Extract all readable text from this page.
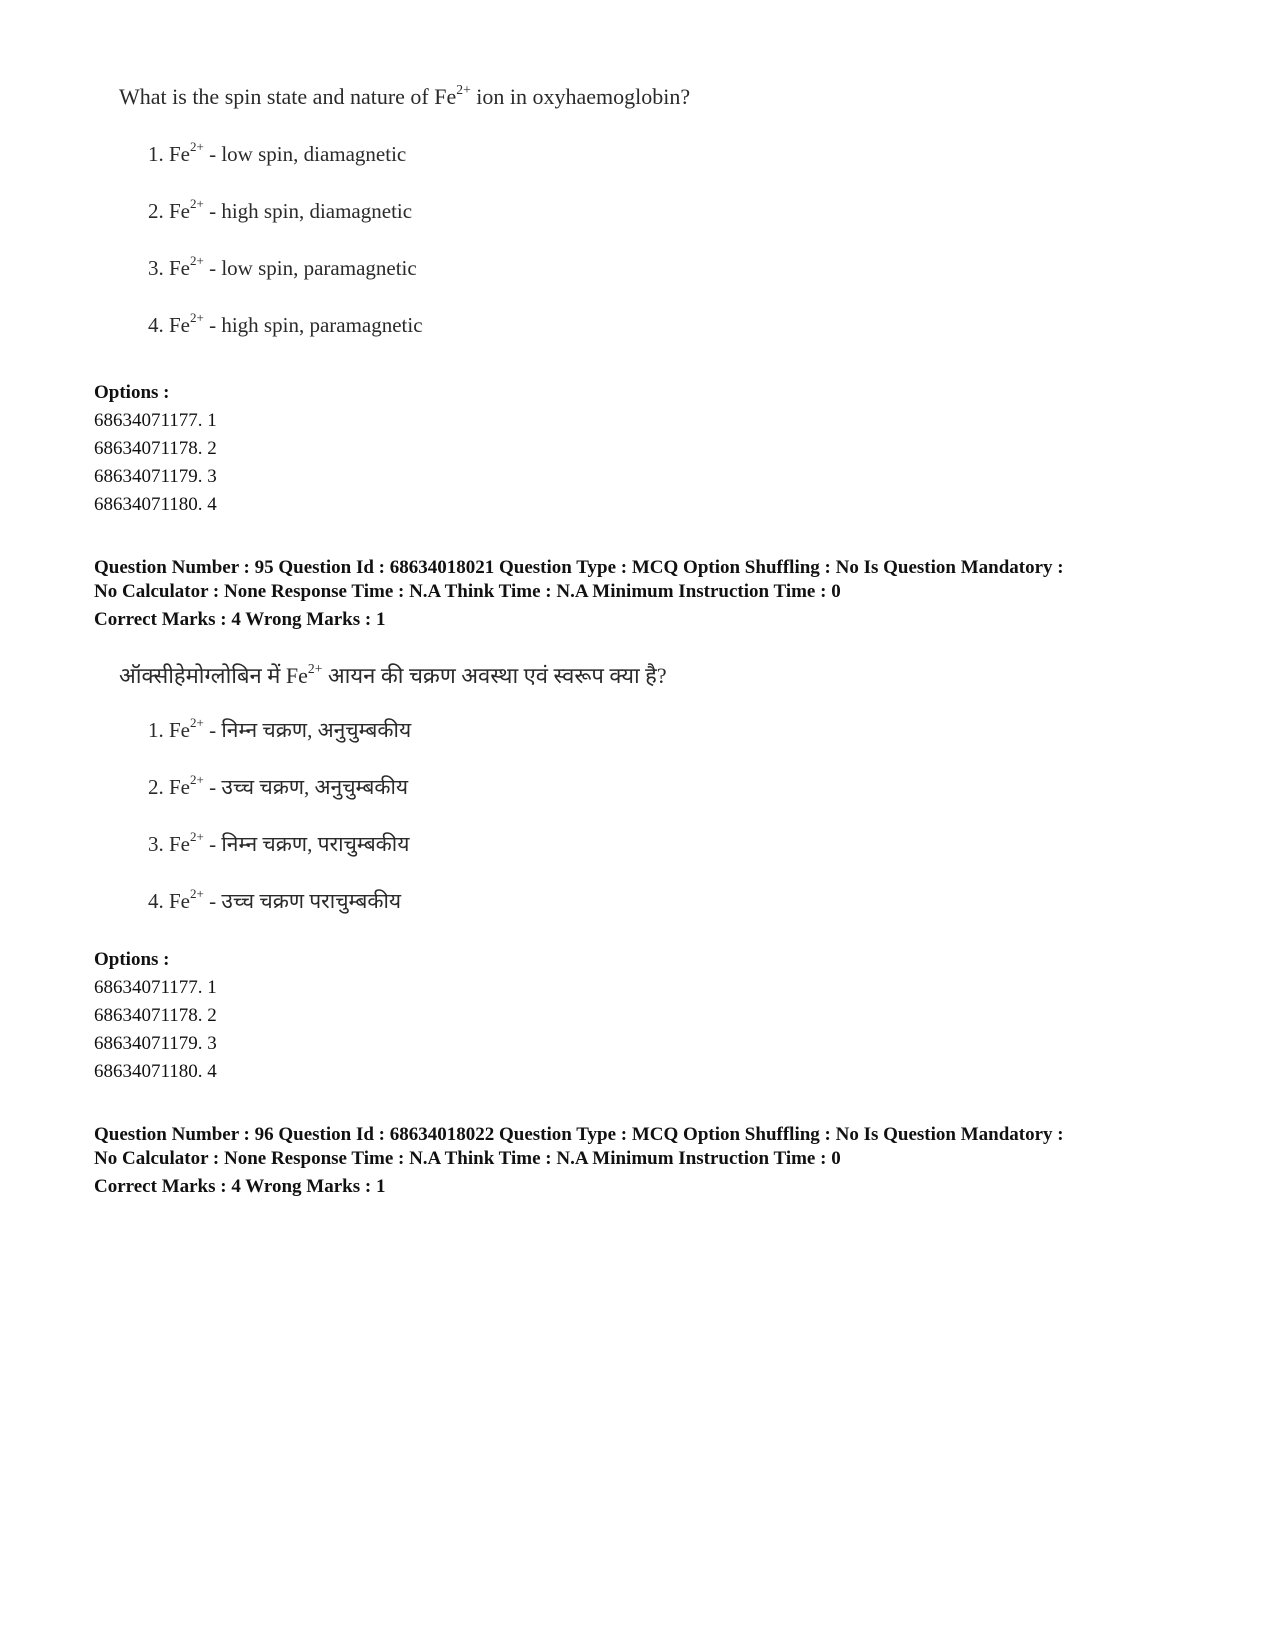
What is the spin state and nature of $Fe^{2+}$ ion in oxyhaemoglobin?
1. $Fe^{2+}$ - low spin, diamagnetic
2. $Fe^{2+}$ - high spin, diamagnetic
3. $Fe^{2+}$ - low spin, paramagnetic
4. $Fe^{2+}$ - high spin, paramagnetic
Options :
68634071177. 1
68634071178. 2
68634071179. 3
68634071180. 4
Question Number : 95 Question Id : 68634018021 Question Type : MCQ Option Shuffling : No Is Question Mandatory :
No Calculator : None Response Time : N.A Think Time : N.A Minimum Instruction Time : 0
Correct Marks : 4 Wrong Marks : 1
ऑक्सीहेमोग्लोबिन में $Fe^{2+}$ आयन की चक्रण अवस्था एवं स्वरूप क्या है?
1. $Fe^{2+}$ - निम्न चक्रण, अनुचुम्बकीय
2. $Fe^{2+}$ - उच्च चक्रण, अनुचुम्बकीय
3. $Fe^{2+}$ - निम्न चक्रण, पराचुम्बकीय
4. $Fe^{2+}$ - उच्च चक्रण पराचुम्बकीय
Options :
68634071177. 1
68634071178. 2
68634071179. 3
68634071180. 4
Question Number : 96 Question Id : 68634018022 Question Type : MCQ Option Shuffling : No Is Question Mandatory :
No Calculator : None Response Time : N.A Think Time : N.A Minimum Instruction Time : 0
Correct Marks : 4 Wrong Marks : 1
